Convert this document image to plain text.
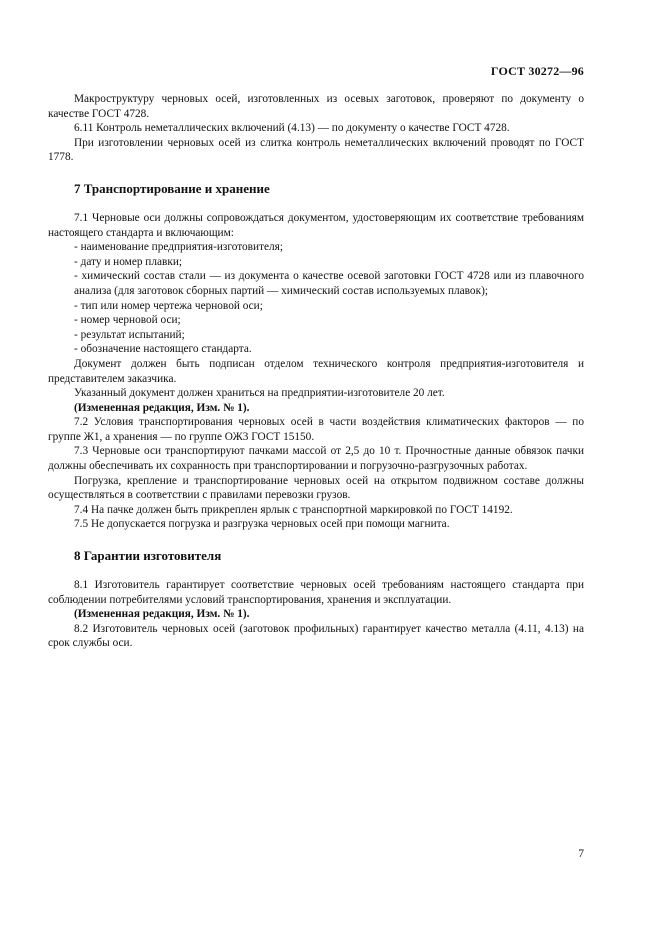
ГОСТ 30272—96

Макроструктуру черновых осей, изготовленных из осевых заготовок, проверяют по документу о качестве ГОСТ 4728.

6.11 Контроль неметаллических включений (4.13) — по документу о качестве ГОСТ 4728.

При изготовлении черновых осей из слитка контроль неметаллических включений проводят по ГОСТ 1778.

7 Транспортирование и хранение

7.1 Черновые оси должны сопровождаться документом, удостоверяющим их соответствие требованиям настоящего стандарта и включающим:

- наименование предприятия-изготовителя;

- дату и номер плавки;

- химический состав стали — из документа о качестве осевой заготовки ГОСТ 4728 или из плавочного анализа (для заготовок сборных партий — химический состав используемых плавок);

- тип или номер чертежа черновой оси;

- номер черновой оси;

- результат испытаний;

- обозначение настоящего стандарта.

Документ должен быть подписан отделом технического контроля предприятия-изготовителя и представителем заказчика.

Указанный документ должен храниться на предприятии-изготовителе 20 лет.

(Измененная редакция, Изм. № 1).

7.2 Условия транспортирования черновых осей в части воздействия климатических факторов — по группе Ж1, а хранения — по группе ОЖ3 ГОСТ 15150.

7.3 Черновые оси транспортируют пачками массой от 2,5 до 10 т. Прочностные данные обвязок пачки должны обеспечивать их сохранность при транспортировании и погрузочно-разгрузочных работах.

Погрузка, крепление и транспортирование черновых осей на открытом подвижном составе должны осуществляться в соответствии с правилами перевозки грузов.

7.4 На пачке должен быть прикреплен ярлык с транспортной маркировкой по ГОСТ 14192.

7.5 Не допускается погрузка и разгрузка черновых осей при помощи магнита.

8 Гарантии изготовителя

8.1 Изготовитель гарантирует соответствие черновых осей требованиям настоящего стандарта при соблюдении потребителями условий транспортирования, хранения и эксплуатации.

(Измененная редакция, Изм. № 1).

8.2 Изготовитель черновых осей (заготовок профильных) гарантирует качество металла (4.11, 4.13) на срок службы оси.

7
